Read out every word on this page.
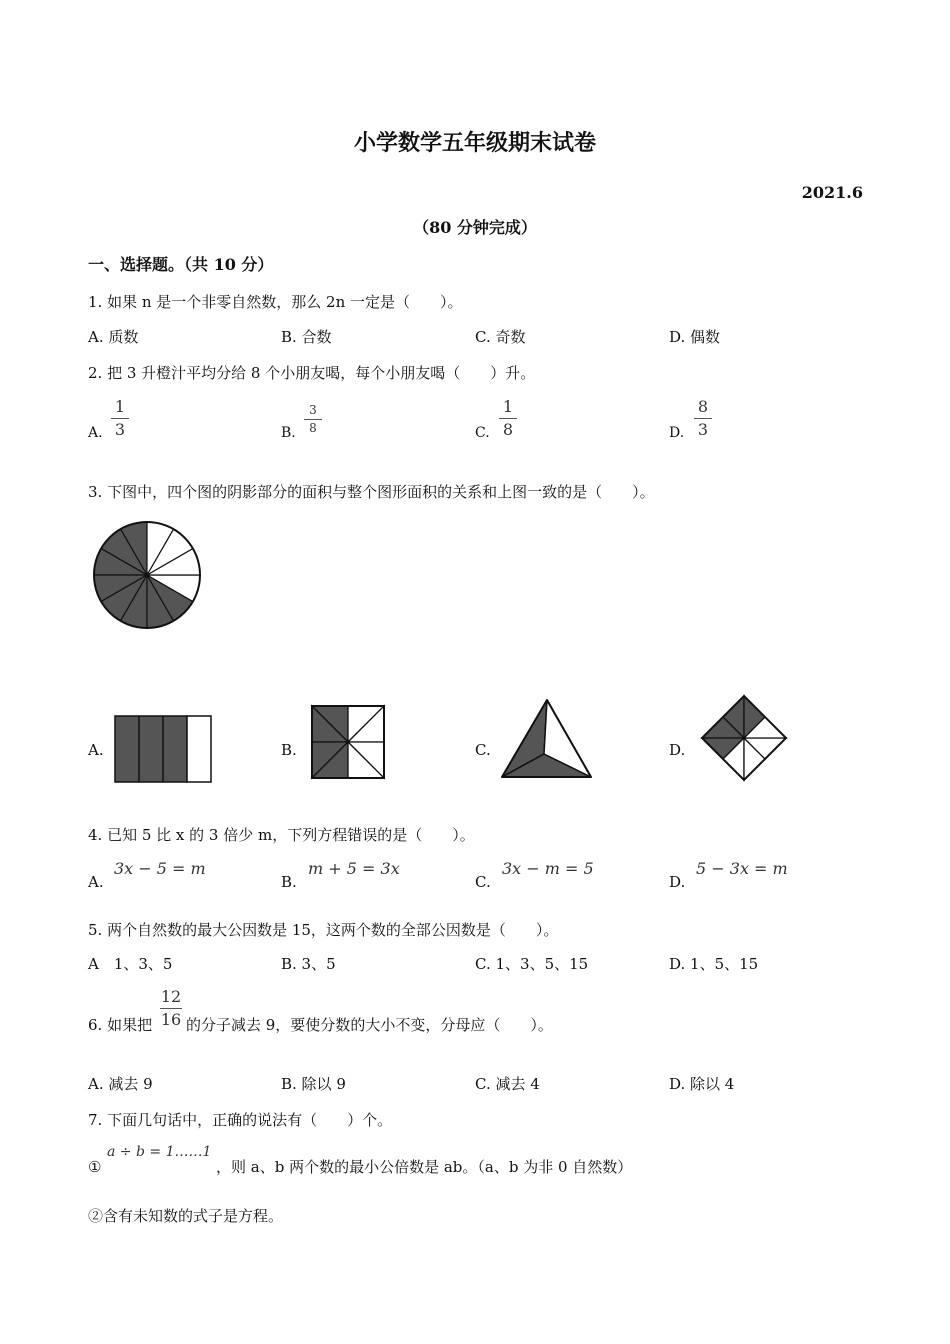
小学数学五年级期末试卷
2021.6
（80 分钟完成）
一、选择题。（共 10 分）
1. 如果 n 是一个非零自然数，那么 2n 一定是（　　）。
A. 质数	B. 合数	C. 奇数	D. 偶数
2. 把 3 升橙汁平均分给 8 个小朋友喝，每个小朋友喝（　　）升。
A.
1
3	B.
3
8	C.
1
8	D.
8
3
3. 下图中，四个图的阴影部分的面积与整个图形面积的关系和上图一致的是（　　）。
A.	B.	C.	D.
4. 已知 5 比 x 的 3 倍少 m，下列方程错误的是（　　）。
3x − 5 = m
A.
m + 5 = 3x
B.
3x − m = 5
C.
5 − 3x = m
D.
5. 两个自然数的最大公因数是 15，这两个数的全部公因数是（　　）。
A　1、3、5	B. 3、5	C. 1、3、5、15	D. 1、5、15
6. 如果把
12
16 的分子减去 9，要使分数的大小不变，分母应（　　）。
A. 减去 9	B. 除以 9	C. 减去 4	D. 除以 4
7. 下面几句话中，正确的说法有（　　）个。
①
a ÷ b = 1……1
，则 a、b 两个数的最小公倍数是 ab。（a、b 为非 0 自然数）
②含有未知数的式子是方程。
